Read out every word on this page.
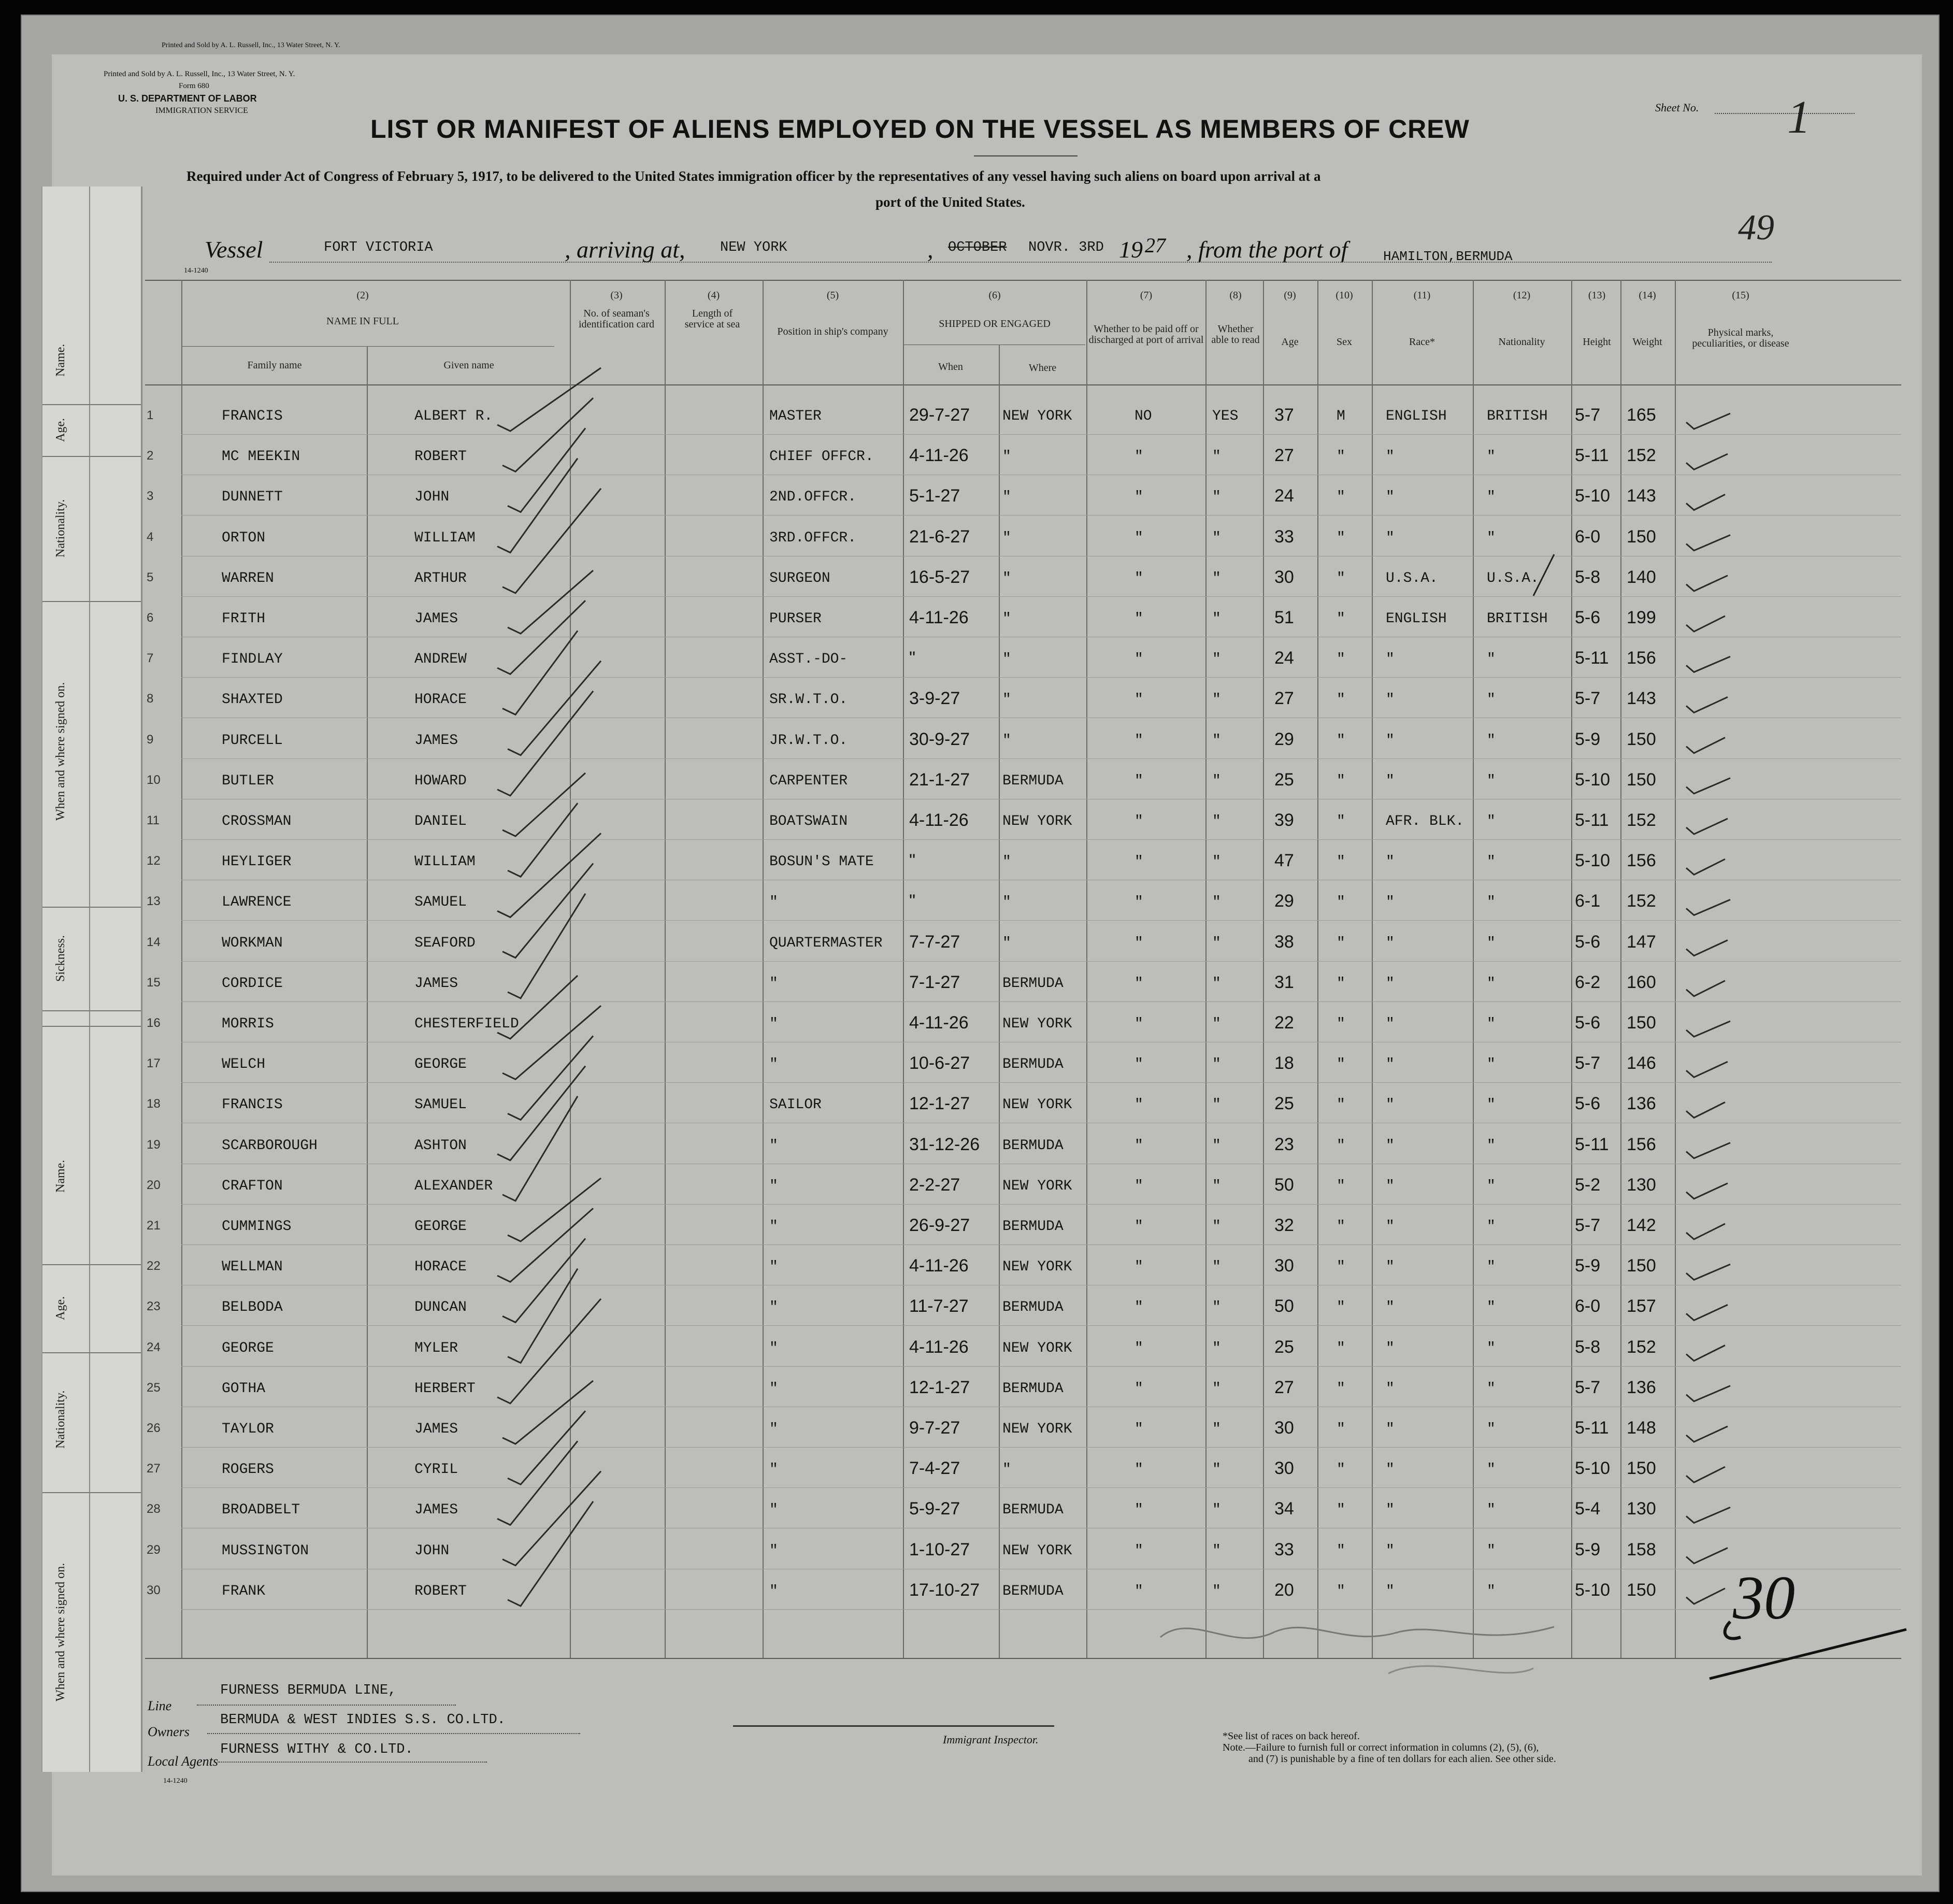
Printed and Sold by A. L. Russell, Inc., 13 Water Street, N. Y.
Printed and Sold by A. L. Russell, Inc., 13 Water Street, N. Y.
Form 680
U. S. DEPARTMENT OF LABOR
IMMIGRATION SERVICE
LIST OR MANIFEST OF ALIENS EMPLOYED ON THE VESSEL AS MEMBERS OF CREW
Required under Act of Congress of February 5, 1917, to be delivered to the United States immigration officer by the representatives of any vessel having such aliens on board upon arrival at a
port of the United States.
Sheet No. 1
49
Vessel	FORT VICTORIA	, arriving at, NEW YORK	, OCTOBER NOVR. 3RD 19 27 , from the port of	HAMILTON,BERMUDA
14-1240
(2)
NAME IN FULL
Family name	Given name
(3)
No. of seaman's identification card
(4)
Length of service at sea
(5)
Position in ship's company
(6)
SHIPPED OR ENGAGED
When	Where
(7)
Whether to be paid off or discharged at port of arrival
(8)
Whether able to read
(9)
Age
(10)
Sex
(11)
Race*
(12)
Nationality
(13)
Height
(14)
Weight
(15)
Physical marks, peculiarities, or disease
1	FRANCIS	ALBERT R.	MASTER	29-7-27 NEW YORK	NO	YES 37	M	ENGLISH	BRITISH 5-7 165
2	MC MEEKIN	ROBERT	CHIEF OFFCR. 4-11-26 "	"	"	27	"	"	"	5-11 152
3	DUNNETT	JOHN	2ND.OFFCR.	5-1-27	"	"	"	24	"	"	"	5-10 143
4	ORTON	WILLIAM	3RD.OFFCR.	21-6-27 "	"	"	33	"	"	"	6-0 150
5	WARREN	ARTHUR	SURGEON	16-5-27 "	"	"	30	"	U.S.A.	U.S.A. 5-8 140
6	FRITH	JAMES	PURSER	4-11-26 "	"	"	51	"	ENGLISH	BRITISH 5-6 199
7	FINDLAY	ANDREW	ASST.-DO-	"	"	"	"	24	"	"	"	5-11 156
8	SHAXTED	HORACE	SR.W.T.O.	3-9-27	"	"	"	27	"	"	"	5-7 143
9	PURCELL	JAMES	JR.W.T.O.	30-9-27 "	"	"	29	"	"	"	5-9 150
10	BUTLER	HOWARD	CARPENTER	21-1-27 BERMUDA	"	"	25	"	"	"	5-10 150
11	CROSSMAN	DANIEL	BOATSWAIN	4-11-26 NEW YORK	"	"	39	"	AFR. BLK. "	5-11 152
12	HEYLIGER	WILLIAM	BOSUN'S MATE "	"	"	"	47	"	"	"	5-10 156
13	LAWRENCE	SAMUEL	"	"	"	"	"	29	"	"	"	6-1 152
14	WORKMAN	SEAFORD	QUARTERMASTER 7-7-27	"	"	"	38	"	"	"	5-6 147
15	CORDICE	JAMES	"	7-1-27	BERMUDA	"	"	31	"	"	"	6-2 160
16	MORRIS	CHESTERFIELD	"	4-11-26 NEW YORK	"	"	22	"	"	"	5-6 150
17	WELCH	GEORGE	"	10-6-27 BERMUDA	"	"	18	"	"	"	5-7 146
18	FRANCIS	SAMUEL	SAILOR	12-1-27 NEW YORK	"	"	25	"	"	"	5-6 136
19	SCARBOROUGH	ASHTON	"	31-12-26 BERMUDA	"	"	23	"	"	"	5-11 156
20	CRAFTON	ALEXANDER	"	2-2-27	NEW YORK	"	"	50	"	"	"	5-2 130
21	CUMMINGS	GEORGE	"	26-9-27 BERMUDA	"	"	32	"	"	"	5-7 142
22	WELLMAN	HORACE	"	4-11-26 NEW YORK	"	"	30	"	"	"	5-9 150
23	BELBODA	DUNCAN	"	11-7-27 BERMUDA	"	"	50	"	"	"	6-0 157
24	GEORGE	MYLER	"	4-11-26 NEW YORK	"	"	25	"	"	"	5-8 152
25	GOTHA	HERBERT	"	12-1-27 BERMUDA	"	"	27	"	"	"	5-7 136
26	TAYLOR	JAMES	"	9-7-27	NEW YORK	"	"	30	"	"	"	5-11 148
27	ROGERS	CYRIL	"	7-4-27	"	"	"	30	"	"	"	5-10 150
28	BROADBELT	JAMES	"	5-9-27	BERMUDA	"	"	34	"	"	"	5-4 130
29	MUSSINGTON	JOHN	"	1-10-27 NEW YORK	"	"	33	"	"	"	5-9 158
30	FRANK	ROBERT	"	17-10-27 BERMUDA	"	"	20	"	"	"	5-10 150
Name.
Age.
Nationality.
When and where signed on.
Sickness.
Name.
Age.
Nationality.
When and where signed on.	30
Line
FURNESS BERMUDA LINE,
Owners
BERMUDA & WEST INDIES S.S. CO.LTD.
Local Agents
FURNESS WITHY & CO.LTD.
Immigrant Inspector.	*See list of races on back hereof.
Note.—Failure to furnish full or correct information in columns (2), (5), (6),
and (7) is punishable by a fine of ten dollars for each alien. See other side.
14-1240
